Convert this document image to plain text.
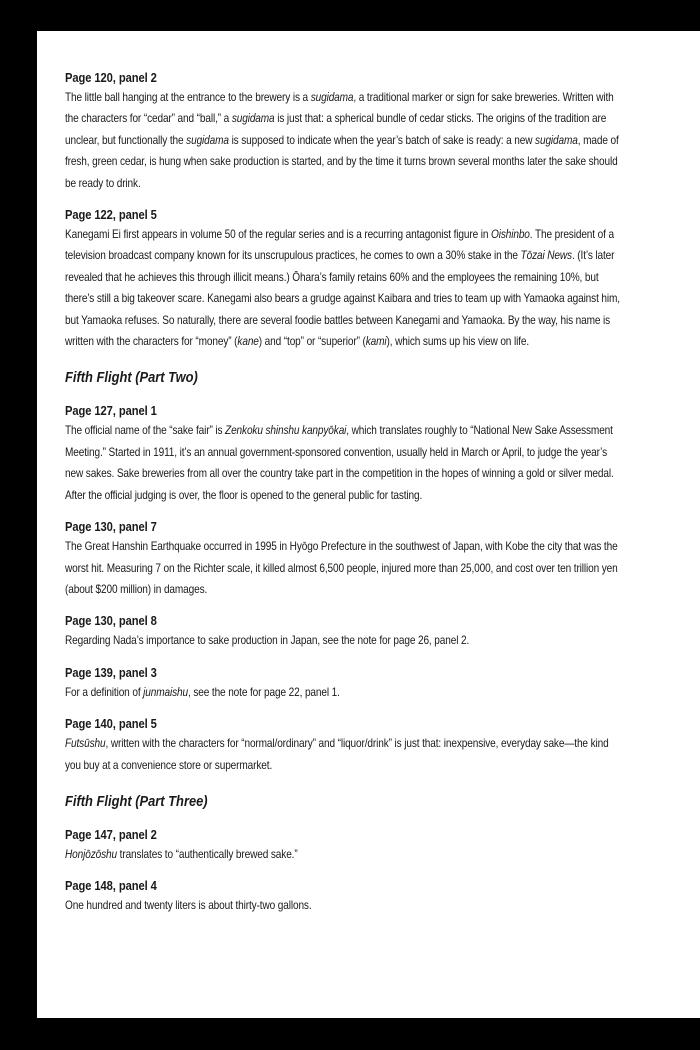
Page 120, panel 2

The little ball hanging at the entrance to the brewery is a sugidama, a traditional marker or sign for sake breweries. Written with the characters for “cedar” and “ball,” a sugidama is just that: a spherical bundle of cedar sticks. The origins of the tradition are unclear, but functionally the sugidama is supposed to indicate when the year’s batch of sake is ready: a new sugidama, made of fresh, green cedar, is hung when sake production is started, and by the time it turns brown several months later the sake should be ready to drink.

Page 122, panel 5

Kanegami Ei first appears in volume 50 of the regular series and is a recurring antagonist figure in Oishinbo. The president of a television broadcast company known for its unscrupulous practices, he comes to own a 30% stake in the Tōzai News. (It’s later revealed that he achieves this through illicit means.) Ōhara’s family retains 60% and the employees the remaining 10%, but there’s still a big takeover scare. Kanegami also bears a grudge against Kaibara and tries to team up with Yamaoka against him, but Yamaoka refuses. So naturally, there are several foodie battles between Kanegami and Yamaoka. By the way, his name is written with the characters for “money” (kane) and “top” or “superior” (kami), which sums up his view on life.

Fifth Flight (Part Two)

Page 127, panel 1

The official name of the “sake fair” is Zenkoku shinshu kanpyōkai, which translates roughly to “National New Sake Assessment Meeting.” Started in 1911, it’s an annual government-sponsored convention, usually held in March or April, to judge the year’s new sakes. Sake breweries from all over the country take part in the competition in the hopes of winning a gold or silver medal. After the official judging is over, the floor is opened to the general public for tasting.

Page 130, panel 7

The Great Hanshin Earthquake occurred in 1995 in Hyōgo Prefecture in the southwest of Japan, with Kobe the city that was the worst hit. Measuring 7 on the Richter scale, it killed almost 6,500 people, injured more than 25,000, and cost over ten trillion yen (about $200 million) in damages.

Page 130, panel 8

Regarding Nada’s importance to sake production in Japan, see the note for page 26, panel 2.

Page 139, panel 3

For a definition of junmaishu, see the note for page 22, panel 1.

Page 140, panel 5

Futsūshu, written with the characters for “normal/ordinary” and “liquor/drink” is just that: inexpensive, everyday sake—the kind you buy at a convenience store or supermarket.

Fifth Flight (Part Three)

Page 147, panel 2

Honjōzōshu translates to “authentically brewed sake.”

Page 148, panel 4

One hundred and twenty liters is about thirty-two gallons.
